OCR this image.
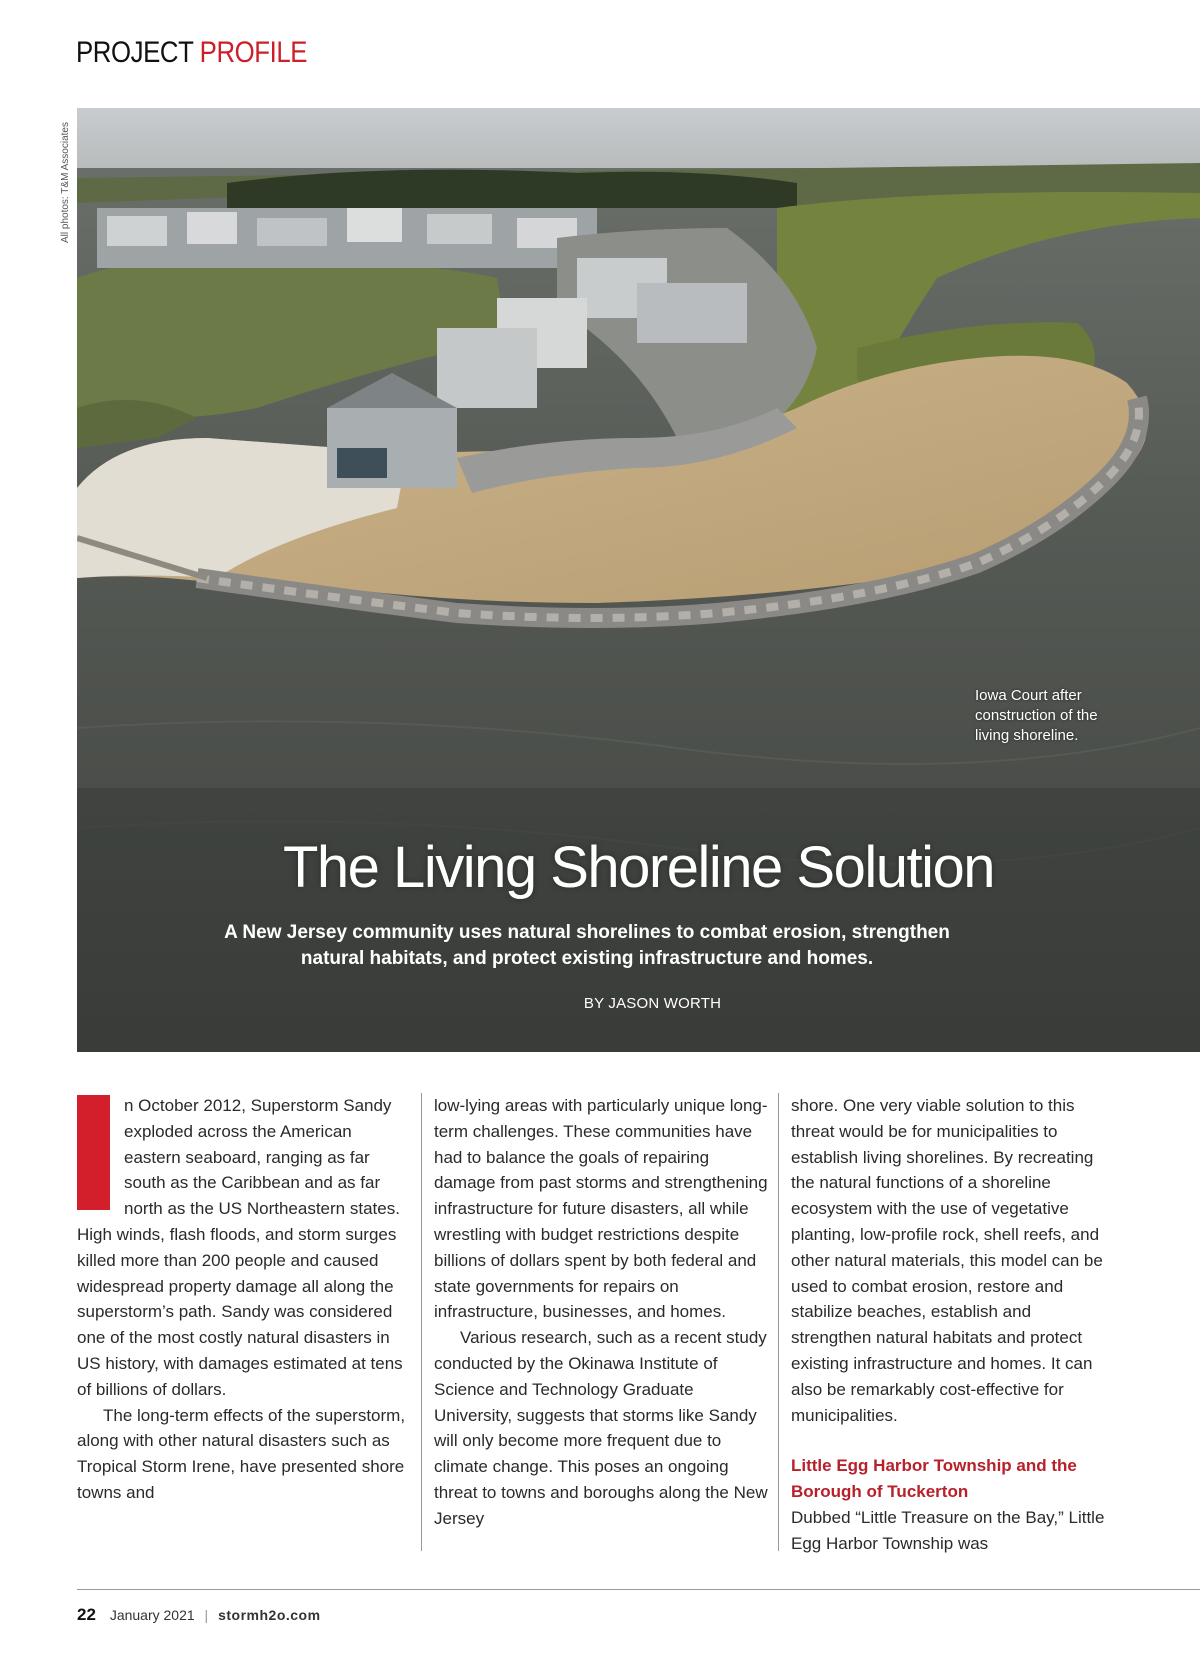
PROJECT PROFILE
All photos: T&M Associates
Iowa Court after construction of the living shoreline.
The Living Shoreline Solution

A New Jersey community uses natural shorelines to combat erosion, strengthen natural habitats, and protect existing infrastructure and homes.

BY JASON WORTH

n October 2012, Superstorm Sandy exploded across the American eastern seaboard, ranging as far south as the Caribbean and as far north as the US Northeastern states. High winds, flash floods, and storm surges killed more than 200 people and caused widespread property damage all along the superstorm’s path. Sandy was considered one of the most costly natural disasters in US history, with damages estimated at tens of billions of dollars.

The long-term effects of the superstorm, along with other natural disasters such as Tropical Storm Irene, have presented shore towns and

low-lying areas with particularly unique long-term challenges. These communities have had to balance the goals of repairing damage from past storms and strengthening infrastructure for future disasters, all while wrestling with budget restrictions despite billions of dollars spent by both federal and state governments for repairs on infrastructure, businesses, and homes.

Various research, such as a recent study conducted by the Okinawa Institute of Science and Technology Graduate University, suggests that storms like Sandy will only become more frequent due to climate change. This poses an ongoing threat to towns and boroughs along the New Jersey

shore. One very viable solution to this threat would be for municipalities to establish living shorelines. By recreating the natural functions of a shoreline ecosystem with the use of vegetative planting, low-profile rock, shell reefs, and other natural materials, this model can be used to combat erosion, restore and stabilize beaches, establish and strengthen natural habitats and protect existing infrastructure and homes. It can also be remarkably cost-effective for municipalities.

Little Egg Harbor Township and the Borough of Tuckerton

Dubbed “Little Treasure on the Bay,” Little Egg Harbor Township was

22 January 2021 | stormh2o.com
